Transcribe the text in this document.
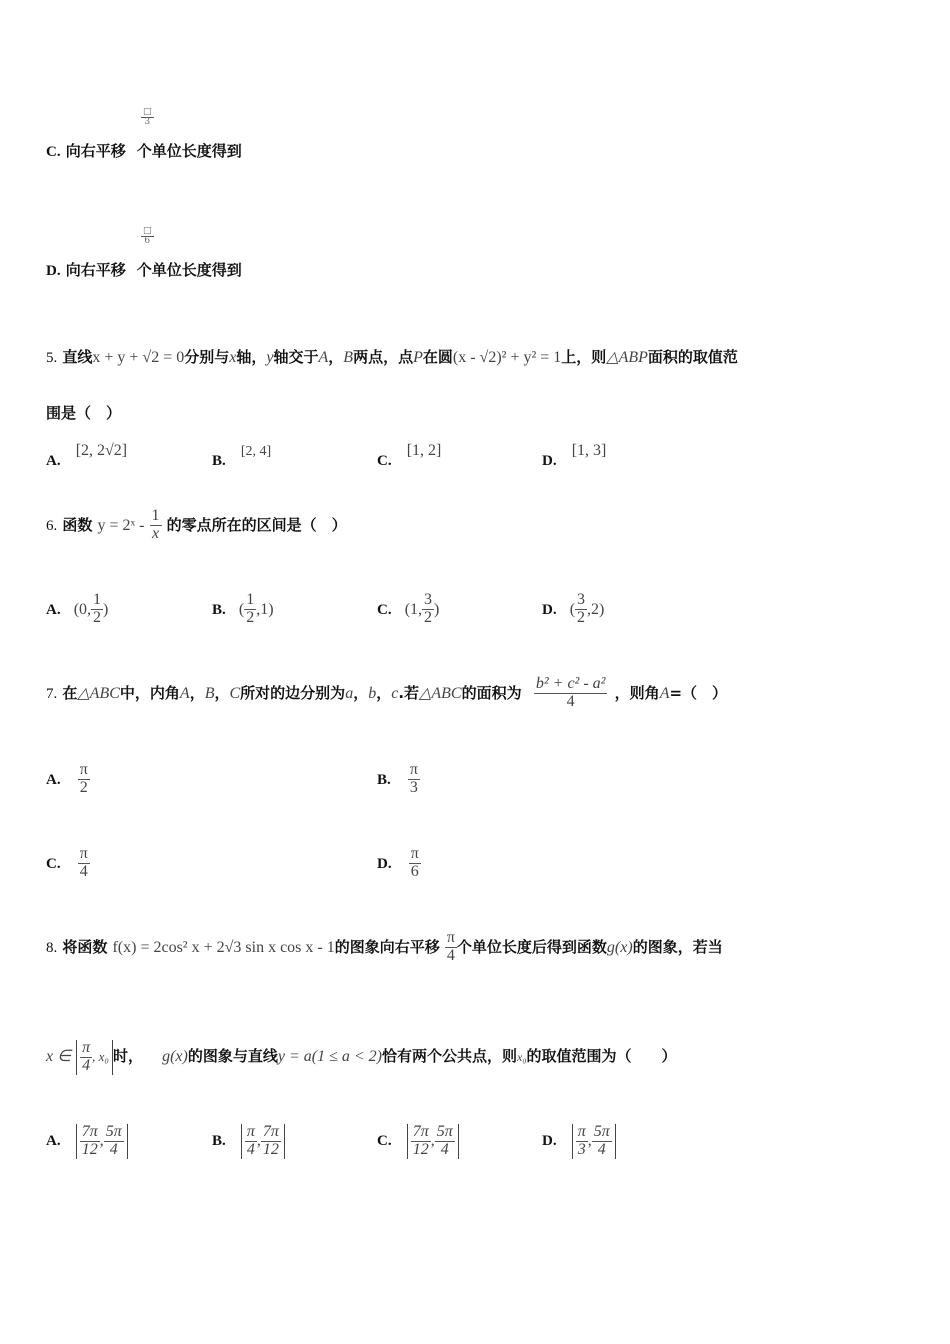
□
3
C. 向右平移 个单位长度得到
□
6
D. 向右平移 个单位长度得到
5. 直线x + y + √2 = 0分别与x轴，y轴交于A，B两点，点P在圆(x - √2)² + y² = 1上，则△ABP面积的取值范
围是（　）
A. [2, 2√2]
B. [2, 4]
C. [1, 2]
D. [1, 3]
6. 函数 y = 2ˣ - $\frac{1}{x}$ 的零点所在的区间是（　）
A. (0, $\frac{1}{2}$ )	B. ( $\frac{1}{2} ,1$)	C. (1, $\frac{3}{2}$ )	D. ( $\frac{3}{2} ,2$)
7. 在△ABC中，内角A，B，C所对的边分别为a，b，c.若△ABC的面积为 $\frac{\text{b² + c² - a²}}{4}$ ，则角A=（　）
A. $\frac{\pi}{2}$	B. $\frac{\pi}{3}$
C. $\frac{\pi}{4}$	D. $\frac{\pi}{6}$
8. 将函数 f(x) = 2cos² x + 2√3 sin x cos x - 1的图象向右平移 $\frac{\pi}{4}$ 个单位长度后得到函数g(x)的图象，若当
x ∈ $\frac{\pi}{4}$ , x₀ 时， g(x)的图象与直线y = a(1 ≤ a < 2)恰有两个公共点，则x₀的取值范围为（　　）
A. $\frac{7\pi}{12}$ , $\frac{5\pi}{4}$	B. $\frac{\pi}{4}$ , $\frac{7\pi}{12}$	C. $\frac{7\pi}{12}$ , $\frac{5\pi}{4}$	D. $\frac{\pi}{3}$ , $\frac{5\pi}{4}$
